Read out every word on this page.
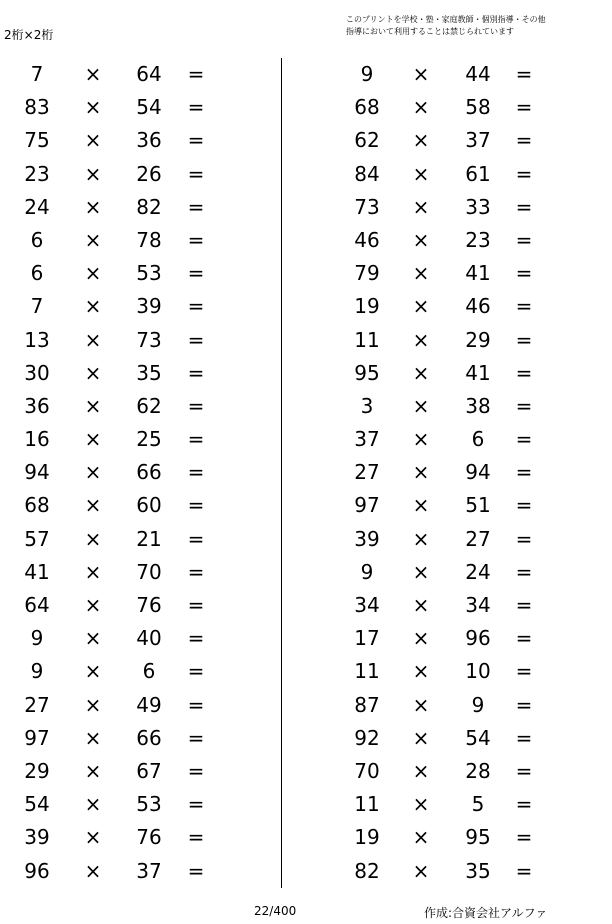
2桁×2桁
このプリントを学校・塾・家庭教師・個別指導・その他
指導において利用することは禁じられています
7	×	64	=
83	×	54	=
75	×	36	=
23	×	26	=
24	×	82	=
6	×	78	=
6	×	53	=
7	×	39	=
13	×	73	=
30	×	35	=
36	×	62	=
16	×	25	=
94	×	66	=
68	×	60	=
57	×	21	=
41	×	70	=
64	×	76	=
9	×	40	=
9	×	6	=
27	×	49	=
97	×	66	=
29	×	67	=
54	×	53	=
39	×	76	=
96	×	37	=
9	×	44	=
68	×	58	=
62	×	37	=
84	×	61	=
73	×	33	=
46	×	23	=
79	×	41	=
19	×	46	=
11	×	29	=
95	×	41	=
3	×	38	=
37	×	6	=
27	×	94	=
97	×	51	=
39	×	27	=
9	×	24	=
34	×	34	=
17	×	96	=
11	×	10	=
87	×	9	=
92	×	54	=
70	×	28	=
11	×	5	=
19	×	95	=
82	×	35	=
22/400	作成:合資会社アルファ
